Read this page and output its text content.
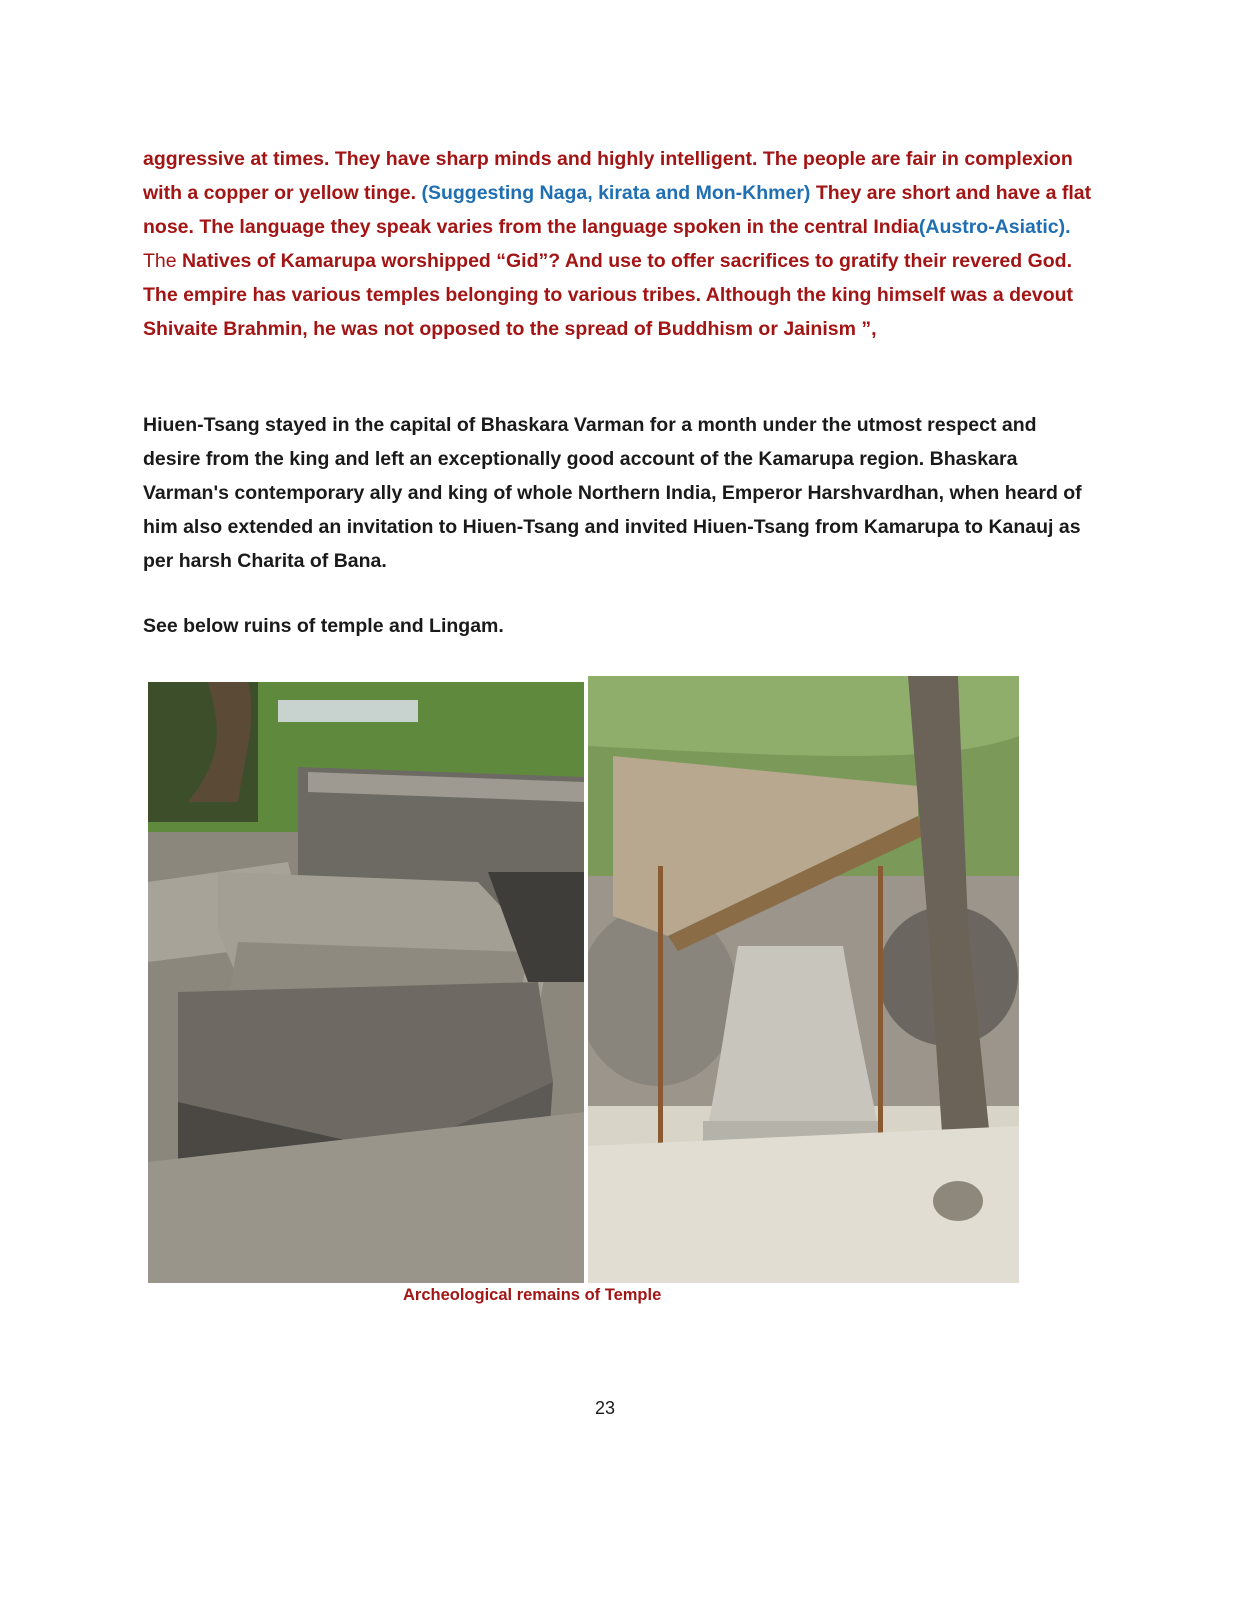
aggressive at times. They have sharp minds and highly intelligent. The people are fair in complexion with a copper or yellow tinge. (Suggesting Naga, kirata and Mon-Khmer) They are short and have a flat nose. The language they speak varies from the language spoken in the central India(Austro-Asiatic). The Natives of Kamarupa worshipped “Gid”? And use to offer sacrifices to gratify their revered God. The empire has various temples belonging to various tribes. Although the king himself was a devout Shivaite Brahmin, he was not opposed to the spread of Buddhism or Jainism ”,
Hiuen-Tsang stayed in the capital of Bhaskara Varman for a month under the utmost respect and desire from the king and left an exceptionally good account of the Kamarupa region. Bhaskara Varman's contemporary ally and king of whole Northern India, Emperor Harshvardhan, when heard of him also extended an invitation to Hiuen-Tsang and invited Hiuen-Tsang from Kamarupa to Kanauj as per harsh Charita of Bana.
See below ruins of temple and Lingam.
Archeological remains of Temple
23
